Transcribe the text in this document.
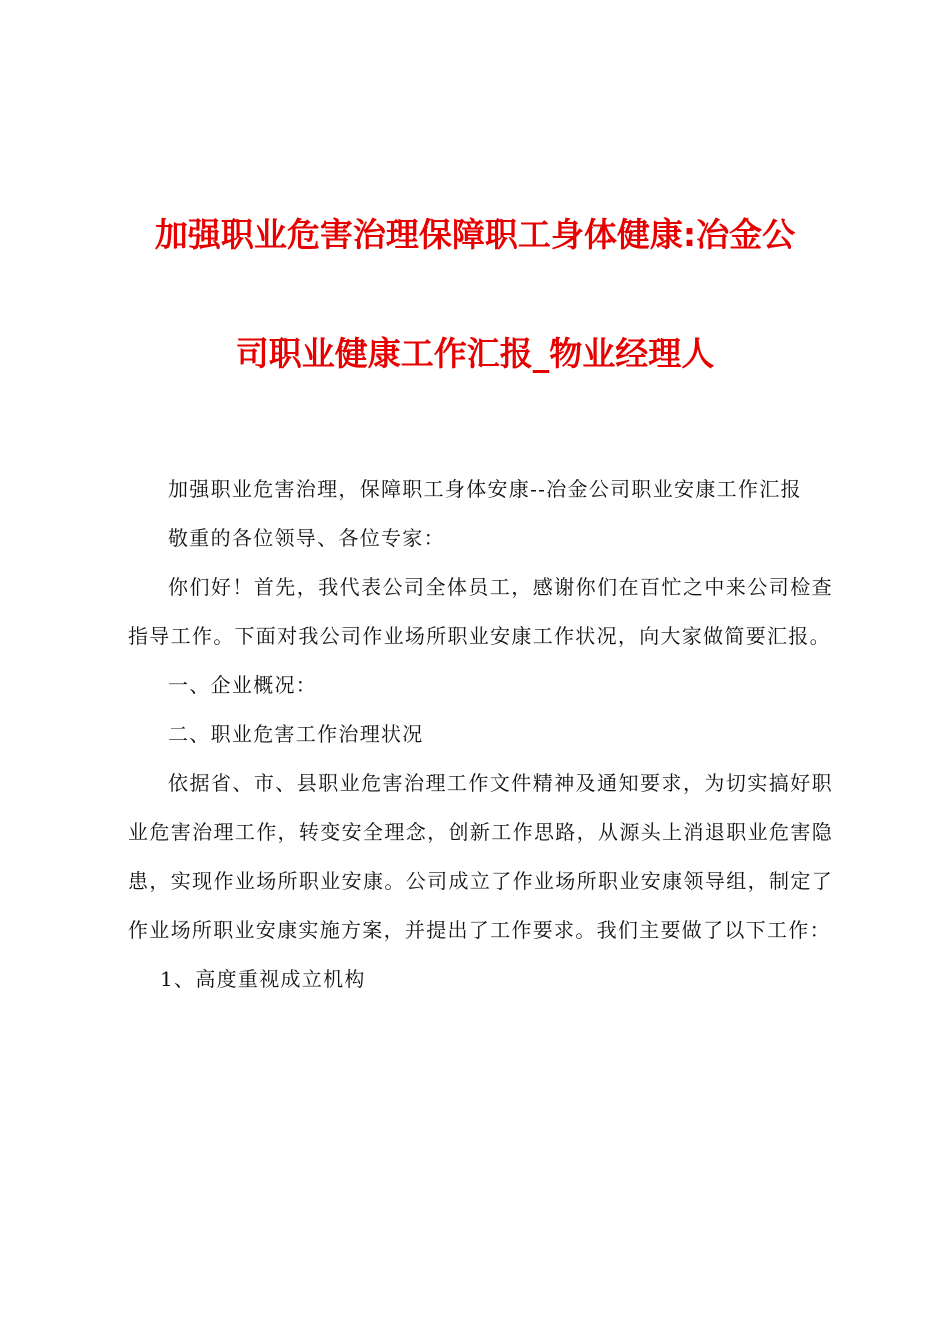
加强职业危害治理保障职工身体健康:冶金公
司职业健康工作汇报_物业经理人

加强职业危害治理，保障职工身体安康--冶金公司职业安康工作汇报

敬重的各位领导、各位专家：

你们好！首先，我代表公司全体员工，感谢你们在百忙之中来公司检查指导工作。下面对我公司作业场所职业安康工作状况，向大家做简要汇报。

一、企业概况：

二、职业危害工作治理状况

依据省、市、县职业危害治理工作文件精神及通知要求，为切实搞好职业危害治理工作，转变安全理念，创新工作思路，从源头上消退职业危害隐患，实现作业场所职业安康。公司成立了作业场所职业安康领导组，制定了作业场所职业安康实施方案，并提出了工作要求。我们主要做了以下工作：

1、高度重视成立机构
